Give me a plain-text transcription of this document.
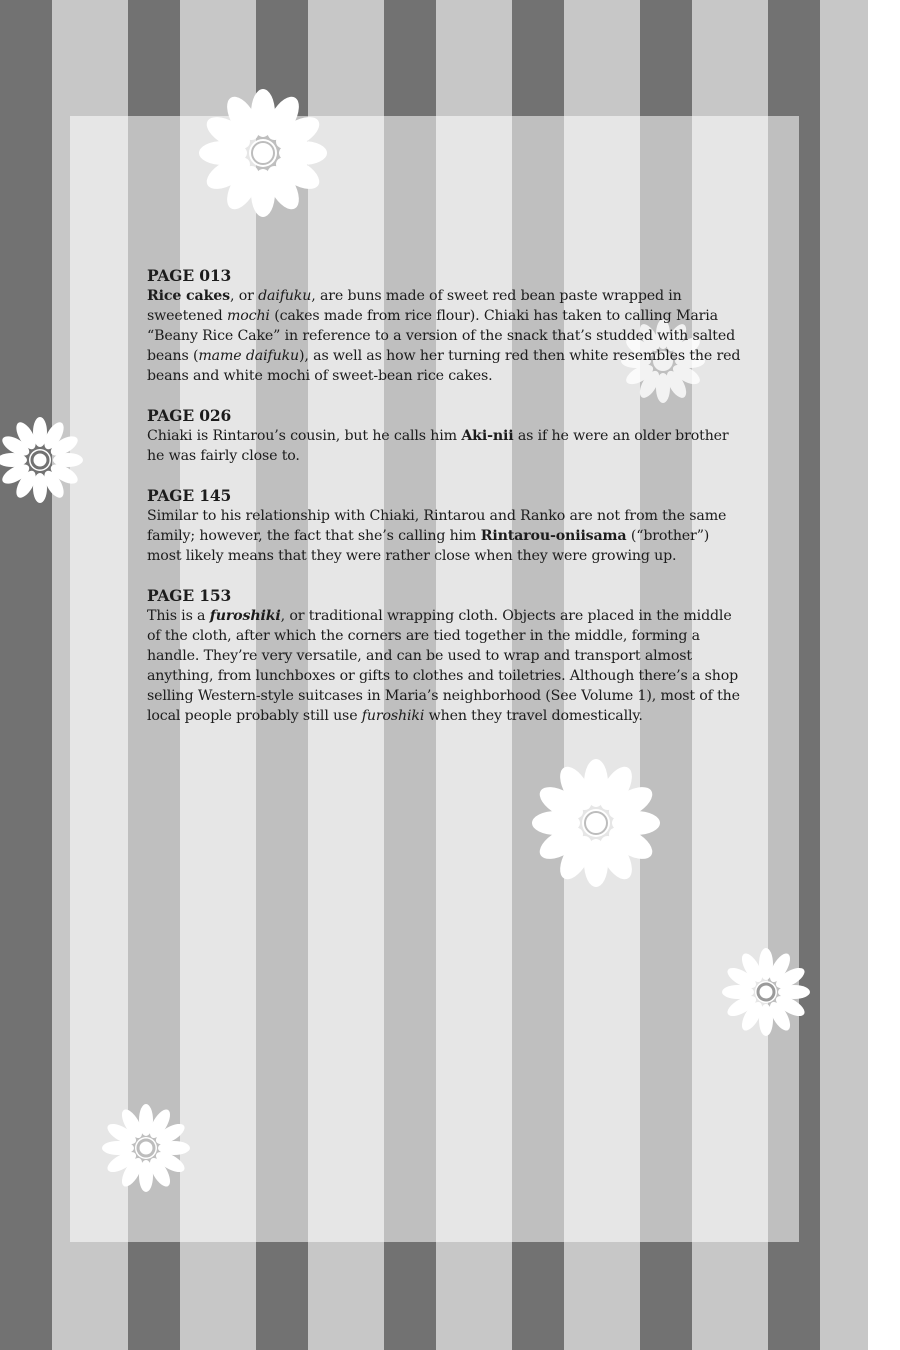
PAGE 013

Rice cakes, or daifuku, are buns made of sweet red bean paste wrapped in sweetened mochi (cakes made from rice flour). Chiaki has taken to calling Maria “Beany Rice Cake” in reference to a version of the snack that’s studded with salted beans (mame daifuku), as well as how her turning red then white resembles the red beans and white mochi of sweet-bean rice cakes.

PAGE 026

Chiaki is Rintarou’s cousin, but he calls him Aki-nii as if he were an older brother he was fairly close to.

PAGE 145

Similar to his relationship with Chiaki, Rintarou and Ranko are not from the same family; however, the fact that she’s calling him Rintarou-oniisama (“brother”) most likely means that they were rather close when they were growing up.

PAGE 153

This is a furoshiki, or traditional wrapping cloth. Objects are placed in the middle of the cloth, after which the corners are tied together in the middle, forming a handle. They’re very versatile, and can be used to wrap and transport almost anything, from lunchboxes or gifts to clothes and toiletries. Although there’s a shop selling Western-style suitcases in Maria’s neighborhood (See Volume 1), most of the local people probably still use furoshiki when they travel domestically.
